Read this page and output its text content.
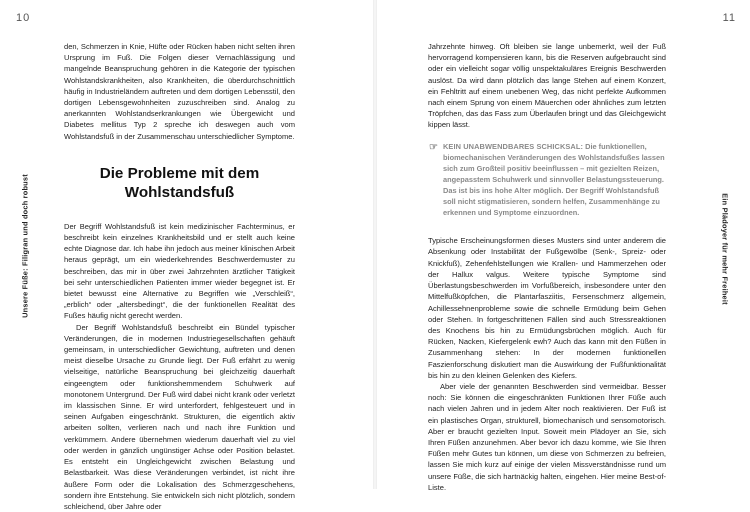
10
Unsere Füße: Filigran und doch robust

den, Schmerzen in Knie, Hüfte oder Rücken haben nicht selten ihren Ursprung im Fuß. Die Folgen dieser Vernachlässigung und mangelnde Beanspruchung gehören in die Kategorie der typischen Wohlstandskrankheiten, also Krankheiten, die überdurchschnittlich häufig in Industrieländern auftreten und dem dortigen Lebensstil, den dortigen Lebensgewohnheiten zuzuschreiben sind. Analog zu anerkannten Wohlstandserkrankungen wie Übergewicht und Diabetes mellitus Typ 2 spreche ich deswegen auch vom Wohlstandsfuß in der Zusammenschau unterschiedlicher Symptome.

Die Probleme mit dem Wohlstandsfuß

Der Begriff Wohlstandsfuß ist kein medizinischer Fachterminus, er beschreibt kein einzelnes Krankheitsbild und er stellt auch keine echte Diagnose dar. Ich habe ihn jedoch aus meiner klinischen Arbeit heraus geprägt, um ein wiederkehrendes Beschwerdemuster zu beschreiben, das mir in über zwei Jahrzehnten ärztlicher Tätigkeit bei sehr unterschiedlichen Patienten immer wieder begegnet ist. Er bietet bewusst eine Alternative zu Begriffen wie „Verschleiß“, „erblich“ oder „altersbedingt“, die der funktionellen Realität des Fußes häufig nicht gerecht werden.

Der Begriff Wohlstandsfuß beschreibt ein Bündel typischer Veränderungen, die in modernen Industriegesellschaften gehäuft gemeinsam, in unterschiedlicher Gewichtung, auftreten und denen meist dieselbe Ursache zu Grunde liegt. Der Fuß erfährt zu wenig vielseitige, natürliche Beanspruchung bei gleichzeitig dauerhaft eingeengtem oder funktionshemmendem Schuhwerk auf monotonem Untergrund. Der Fuß wird dabei nicht krank oder verletzt im klassischen Sinne. Er wird unterfordert, fehlgesteuert und in seinen Aufgaben eingeschränkt. Strukturen, die eigentlich aktiv arbeiten sollten, verlieren nach und nach ihre Funktion und verkümmern. Andere übernehmen wiederum dauerhaft viel zu viel oder werden in gänzlich ungünstiger Achse oder Position belastet. Es entsteht ein Ungleichgewicht zwischen Belastung und Belastbarkeit. Was diese Veränderungen verbindet, ist nicht ihre äußere Form oder die Lokalisation des Schmerzgeschehens, sondern ihre Entstehung. Sie entwickeln sich nicht plötzlich, sondern schleichend, über Jahre oder

11
Ein Plädoyer für mehr Freiheit

Jahrzehnte hinweg. Oft bleiben sie lange unbemerkt, weil der Fuß hervorragend kompensieren kann, bis die Reserven aufgebraucht sind oder ein vielleicht sogar völlig unspektakuläres Ereignis Beschwerden auslöst. Da wird dann plötzlich das lange Stehen auf einem Konzert, ein Fehltritt auf einem unebenen Weg, das nicht perfekte Aufkommen nach einem Sprung von einem Mäuerchen oder ähnliches zum letzten Tröpfchen, das das Fass zum Überlaufen bringt und das Gleichgewicht kippen lässt.

☞ KEIN UNABWENDBARES SCHICKSAL: Die funktionellen, biomechanischen Veränderungen des Wohlstandsfußes lassen sich zum Großteil positiv beeinflussen – mit gezielten Reizen, angepasstem Schuhwerk und sinnvoller Belastungssteuerung. Das ist bis ins hohe Alter möglich. Der Begriff Wohlstandsfuß soll nicht stigmatisieren, sondern helfen, Zusammenhänge zu erkennen und Symptome einzuordnen.

Typische Erscheinungsformen dieses Musters sind unter anderem die Absenkung oder Instabilität der Fußgewölbe (Senk-, Spreiz- oder Knickfuß), Zehenfehlstellungen wie Krallen- und Hammerzehen oder der Hallux valgus. Weitere typische Symptome sind Überlastungsbeschwerden im Vorfußbereich, insbesondere unter den Mittelfußköpfchen, die Plantarfasziitis, Fersenschmerz allgemein, Achillessehnenprobleme sowie die schnelle Ermüdung beim Gehen oder Stehen. In fortgeschrittenen Fällen sind auch Stressreaktionen des Knochens bis hin zu Ermüdungsbrüchen möglich. Auch für Rücken, Nacken, Kiefergelenk ewh? Auch das kann mit den Füßen in Zusammenhang stehen: In der modernen funktionellen Faszienforschung diskutiert man die Auswirkung der Fußfunktionalität bis hin zu den kleinen Gelenken des Kiefers.

Aber viele der genannten Beschwerden sind vermeidbar. Besser noch: Sie können die eingeschränkten Funktionen Ihrer Füße auch nach vielen Jahren und in jedem Alter noch reaktivieren. Der Fuß ist ein plastisches Organ, strukturell, biomechanisch und sensomotorisch. Aber er braucht gezielten Input. Soweit mein Plädoyer an Sie, sich Ihren Füßen anzunehmen. Aber bevor ich dazu komme, wie Sie Ihren Füßen mehr Gutes tun können, um diese von Schmerzen zu befreien, lassen Sie mich kurz auf einige der vielen Missverständnisse rund um unsere Füße, die sich hartnäckig halten, eingehen. Hier meine Best-of-Liste.
